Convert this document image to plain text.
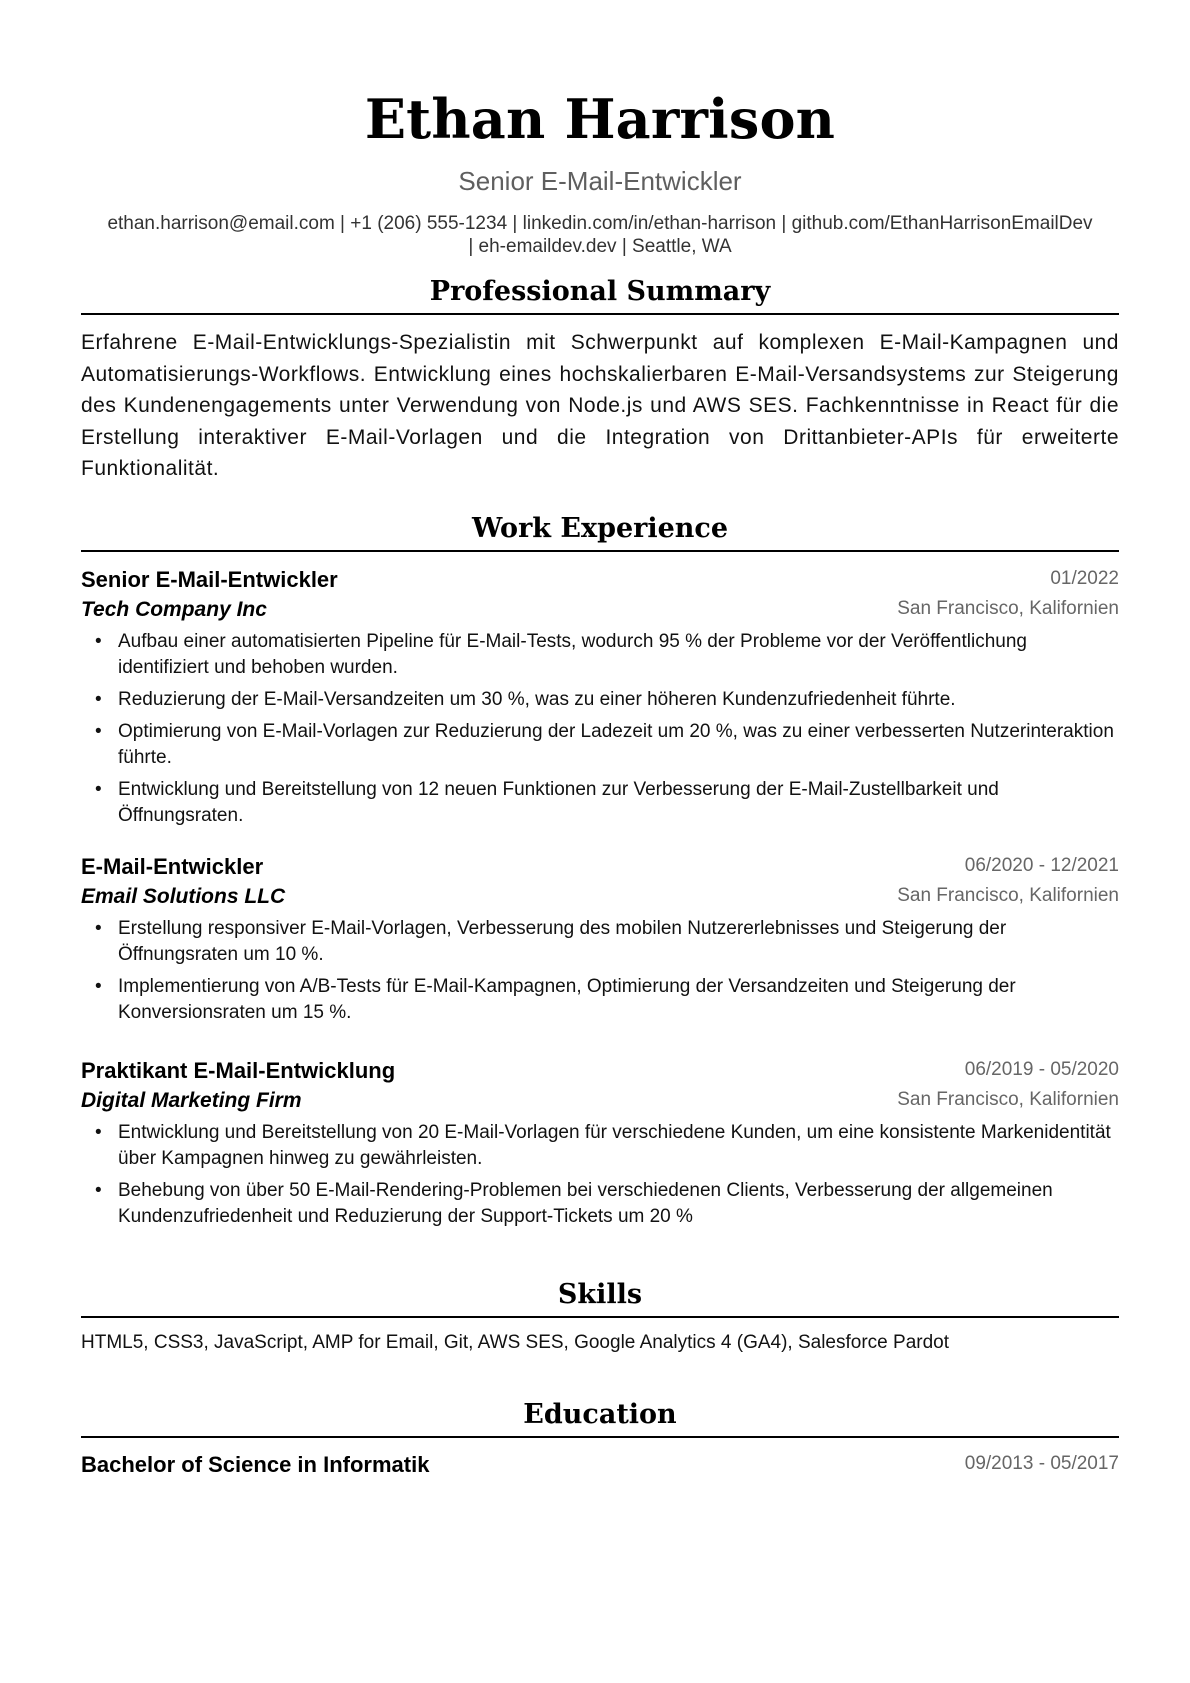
Ethan Harrison
Senior E-Mail-Entwickler
ethan.harrison@email.com | +1 (206) 555-1234 | linkedin.com/in/ethan-harrison | github.com/EthanHarrisonEmailDev
| eh-emaildev.dev | Seattle, WA
Professional Summary

Erfahrene E-Mail-Entwicklungs-Spezialistin mit Schwerpunkt auf komplexen E-Mail-Kampagnen und Automatisierungs-Workflows. Entwicklung eines hochskalierbaren E-Mail-Versandsystems zur Steigerung des Kundenengagements unter Verwendung von Node.js und AWS SES. Fachkenntnisse in React für die Erstellung interaktiver E-Mail-Vorlagen und die Integration von Drittanbieter-APIs für erweiterte Funktionalität.

Work Experience
Senior E-Mail-Entwickler	01/2022
Tech Company Inc	San Francisco, Kalifornien
• Aufbau einer automatisierten Pipeline für E-Mail-Tests, wodurch 95 % der Probleme vor der Veröffentlichung identifiziert und behoben wurden.
• Reduzierung der E-Mail-Versandzeiten um 30 %, was zu einer höheren Kundenzufriedenheit führte.
• Optimierung von E-Mail-Vorlagen zur Reduzierung der Ladezeit um 20 %, was zu einer verbesserten Nutzerinteraktion führte.
• Entwicklung und Bereitstellung von 12 neuen Funktionen zur Verbesserung der E-Mail-Zustellbarkeit und Öffnungsraten.
E-Mail-Entwickler	06/2020 - 12/2021
Email Solutions LLC	San Francisco, Kalifornien
• Erstellung responsiver E-Mail-Vorlagen, Verbesserung des mobilen Nutzererlebnisses und Steigerung der Öffnungsraten um 10 %.
• Implementierung von A/B-Tests für E-Mail-Kampagnen, Optimierung der Versandzeiten und Steigerung der Konversionsraten um 15 %.
Praktikant E-Mail-Entwicklung	06/2019 - 05/2020
Digital Marketing Firm	San Francisco, Kalifornien
• Entwicklung und Bereitstellung von 20 E-Mail-Vorlagen für verschiedene Kunden, um eine konsistente Markenidentität über Kampagnen hinweg zu gewährleisten.
• Behebung von über 50 E-Mail-Rendering-Problemen bei verschiedenen Clients, Verbesserung der allgemeinen Kundenzufriedenheit und Reduzierung der Support-Tickets um 20 %
Skills
HTML5, CSS3, JavaScript, AMP for Email, Git, AWS SES, Google Analytics 4 (GA4), Salesforce Pardot
Education
Bachelor of Science in Informatik	09/2013 - 05/2017
